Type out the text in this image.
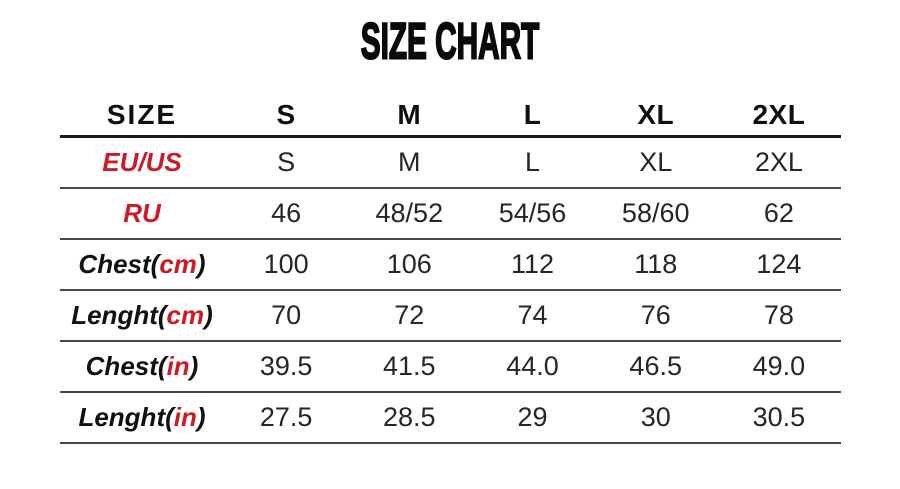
SIZE CHART
SIZE	S	M	L	XL	2XL
EU/US	S	M	L	XL	2XL
RU	46	48/52	54/56	58/60	62
Chest(cm)	100	106	112	118	124
Lenght(cm)	70	72	74	76	78
Chest(in)	39.5	41.5	44.0	46.5	49.0
Lenght(in)	27.5	28.5	29	30	30.5
